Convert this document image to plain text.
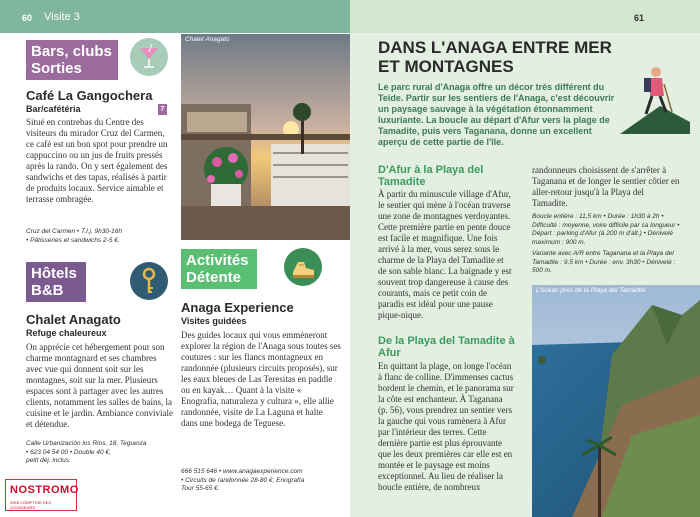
60 Visite 3
Bars, clubs
Sorties
Café La Gangochera
Bar/cafétéria	7
Situé en contrebas du Centre des visiteurs du mirador Cruz del Carmen, ce café est un bon spot pour prendre un cappuccino ou un jus de fruits pressés après la rando. On y sert également des sandwichs et des tapas, réalisés à partir de produits locaux. Service aimable et terrasse ombragée.
Cruz del Carmen • T.l.j. 9h30-16h
• Pâtisseries et sandwichs 2-5 €.
Hôtels
B&B
Chalet Anagato
Refuge chaleureux
On apprécie cet hébergement pour son charme montagnard et ses chambres avec vue qui donnent soit sur les montagnes, soit sur la mer. Plusieurs espaces sont à partager avec les autres clients, notamment les salles de bains, la cuisine et le jardin. Ambiance conviviale et détendue.
Calle Urbanización los Rios, 18, Teguesta
• 623 04 54 00 • Double 40 €,
petit déj. inclus.
Chalet Anagato
Activités
Détente
Anaga Experience
Visites guidées
Des guides locaux qui vous emmèneront explorer la région de l'Anaga sous toutes ses coutures : sur les flancs montagneux en randonnée (plusieurs circuits proposés), sur les eaux bleues de Las Teresitas en paddle ou en kayak… Quant à la visite « Enografía, naturaleza y cultura », elle allie randonnée, visite de La Laguna et halte dans une bodega de Teguese.
666 515 646 • www.anagaexperience.com
• Circuits de randonnée 28-80 €; Enografía
Tour 55-65 €.
NOSTROMO
WEB COMPTOIR DES VOYAGEURS
61
DANS L'ANAGA ENTRE MER
ET MONTAGNES
Le parc rural d'Anaga offre un décor très différent du Teide. Partir sur les sentiers de l'Anaga, c'est découvrir un paysage sauvage à la végétation étonnamment luxuriante. La boucle au départ d'Afur vers la plage de Tamadite, puis vers Taganana, donne un excellent aperçu de cette partie de l'île.
D'Afur à la Playa del Tamadite
À partir du minuscule village d'Afur, le sentier qui mène à l'océan traverse une zone de montagnes verdoyantes. Cette première partie en pente douce est facile et magnifique. Une fois arrivé à la mer, vous serez sous le charme de la Playa del Tamadite et de son sable blanc. La baignade y est souvent trop dangereuse à cause des courants, mais ce petit coin de paradis est idéal pour une pause pique-nique.
De la Playa del Tamadite à Afur
En quittant la plage, on longe l'océan à flanc de colline. D'immenses cactus bordent le chemin, et le panorama sur la côte est enchanteur. À Taganana (p. 56), vous prendrez un sentier vers la gauche qui vous ramènera à Afur par l'intérieur des terres. Cette dernière partie est plus éprouvante que les deux premières car elle est en montée et le paysage est moins exceptionnel. Au lieu de réaliser la boucle entière, de nombreux
randonneurs choisissent de s'arrêter à Taganana et de longer le sentier côtier en aller-retour jusqu'à la Playa del Tamadite.
Boucle entière : 11,5 km • Durée : 1h30 à 2h • Difficulté : moyenne, voire difficile par sa longueur • Départ : parking d'Afur (à 200 m d'alt.) • Dénivelé maximum : 900 m.
Variante avec A/R entre Taganana et la Playa del Tamadite : 9,5 km • Durée : env. 3h30 • Dénivelé : 500 m.
L'océan près de la Playa del Tamadite
